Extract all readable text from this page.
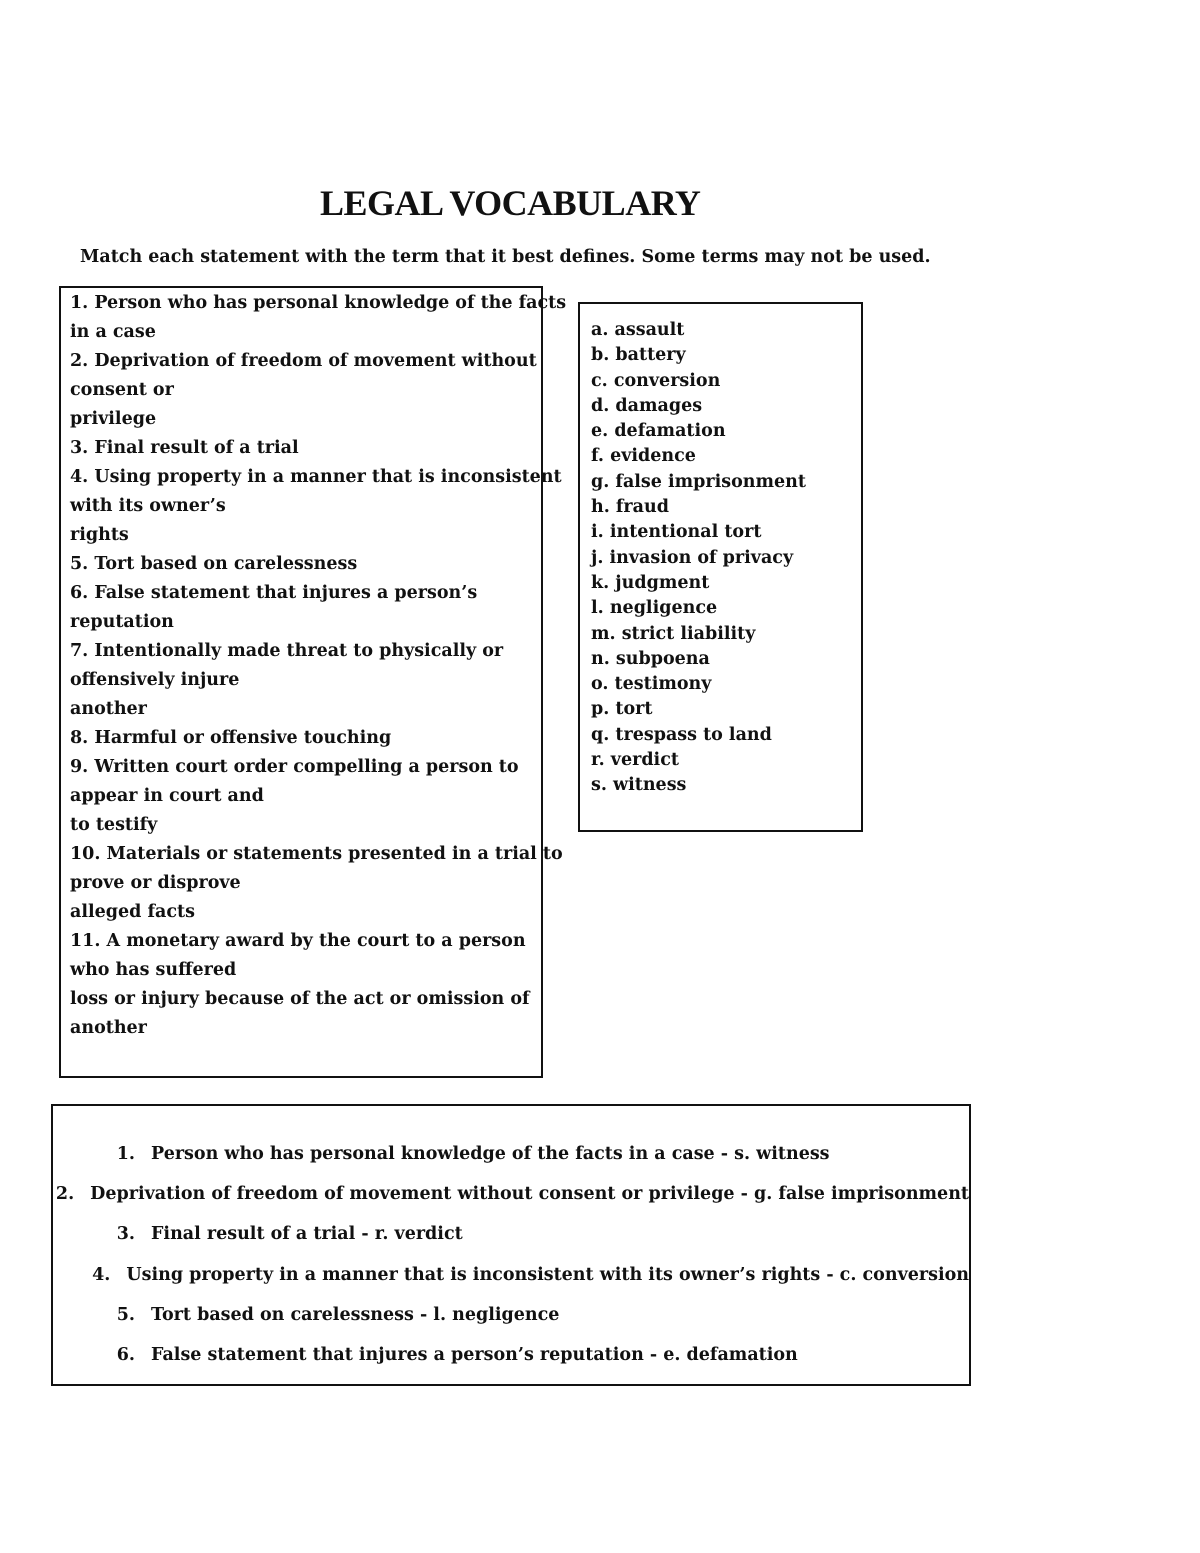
LEGAL VOCABULARY
Match each statement with the term that it best defines. Some terms may not be used.
1. Person who has personal knowledge of the facts
in a case
2. Deprivation of freedom of movement without
consent or
privilege
3. Final result of a trial
4. Using property in a manner that is inconsistent
with its owner’s
rights
5. Tort based on carelessness
6. False statement that injures a person’s
reputation
7. Intentionally made threat to physically or
offensively injure
another
8. Harmful or offensive touching
9. Written court order compelling a person to
appear in court and
to testify
10. Materials or statements presented in a trial to
prove or disprove
alleged facts
11. A monetary award by the court to a person
who has suffered
loss or injury because of the act or omission of
another
a. assault
b. battery
c. conversion
d. damages
e. defamation
f. evidence
g. false imprisonment
h. fraud
i. intentional tort
j. invasion of privacy
k. judgment
l. negligence
m. strict liability
n. subpoena
o. testimony
p. tort
q. trespass to land
r. verdict
s. witness
1. Person who has personal knowledge of the facts in a case - s. witness
2. Deprivation of freedom of movement without consent or privilege - g. false imprisonment
3. Final result of a trial - r. verdict
4. Using property in a manner that is inconsistent with its owner’s rights - c. conversion
5. Tort based on carelessness - l. negligence
6. False statement that injures a person’s reputation - e. defamation
